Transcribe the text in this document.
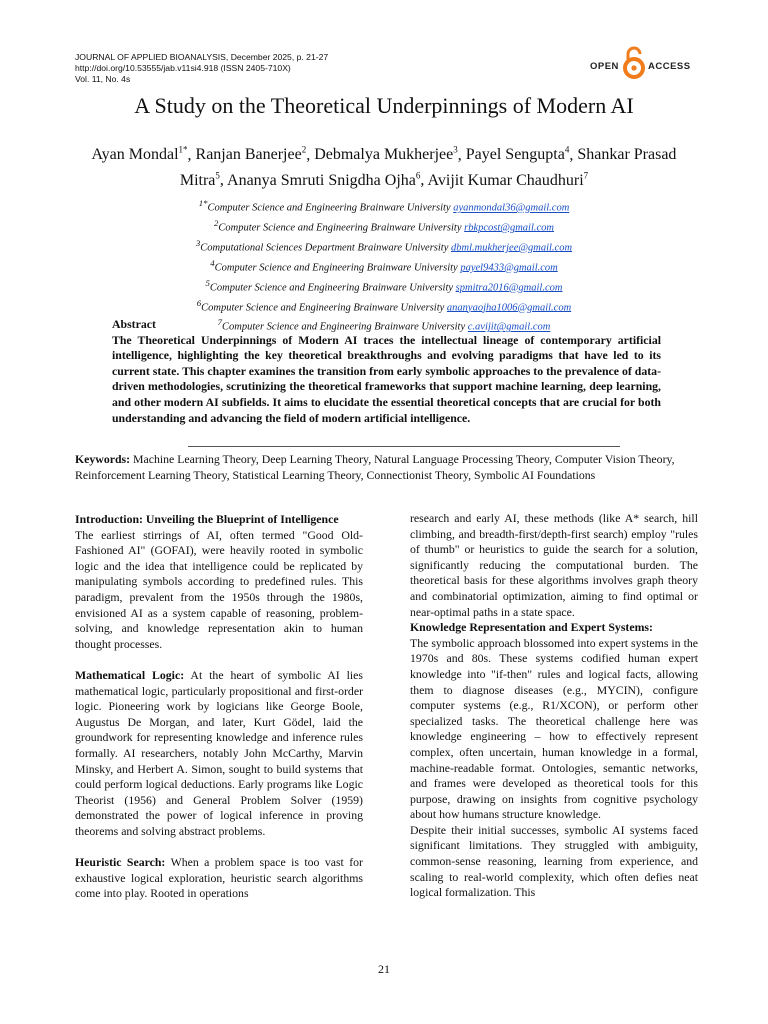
JOURNAL OF APPLIED BIOANALYSIS, December 2025, p. 21-27
http://doi.org/10.53555/jab.v11si4.918 (ISSN 2405-710X)
Vol. 11, No. 4s
OPEN	ACCESS
A Study on the Theoretical Underpinnings of Modern AI
Ayan Mondal$^{1*}$, Ranjan Banerjee$^2$, Debmalya Mukherjee$^3$, Payel Sengupta$^4$, Shankar Prasad Mitra$^5$, Ananya Smruti Snigdha Ojha$^6$, Avijit Kumar Chaudhuri$^7$
$^{1*}$Computer Science and Engineering Brainware University ayanmondal36@gmail.com
$^2$Computer Science and Engineering Brainware University rbkpcost@gmail.com
$^3$Computational Sciences Department Brainware University dbml.mukherjee@gmail.com
$^4$Computer Science and Engineering Brainware University payel9433@gmail.com
$^5$Computer Science and Engineering Brainware University spmitra2016@gmail.com
$^6$Computer Science and Engineering Brainware University ananyaojha1006@gmail.com
$^7$Computer Science and Engineering Brainware University c.avijit@gmail.com
Abstract
The Theoretical Underpinnings of Modern AI traces the intellectual lineage of contemporary artificial intelligence, highlighting the key theoretical breakthroughs and evolving paradigms that have led to its current state. This chapter examines the transition from early symbolic approaches to the prevalence of data-driven methodologies, scrutinizing the theoretical frameworks that support machine learning, deep learning, and other modern AI subfields. It aims to elucidate the essential theoretical concepts that are crucial for both understanding and advancing the field of modern artificial intelligence.
Keywords: Machine Learning Theory, Deep Learning Theory, Natural Language Processing Theory, Computer Vision Theory, Reinforcement Learning Theory, Statistical Learning Theory, Connectionist Theory, Symbolic AI Foundations

Introduction: Unveiling the Blueprint of Intelligence

The earliest stirrings of AI, often termed "Good Old-Fashioned AI" (GOFAI), were heavily rooted in symbolic logic and the idea that intelligence could be replicated by manipulating symbols according to predefined rules. This paradigm, prevalent from the 1950s through the 1980s, envisioned AI as a system capable of reasoning, problem-solving, and knowledge representation akin to human thought processes.

Mathematical Logic: At the heart of symbolic AI lies mathematical logic, particularly propositional and first-order logic. Pioneering work by logicians like George Boole, Augustus De Morgan, and later, Kurt Gödel, laid the groundwork for representing knowledge and inference rules formally. AI researchers, notably John McCarthy, Marvin Minsky, and Herbert A. Simon, sought to build systems that could perform logical deductions. Early programs like Logic Theorist (1956) and General Problem Solver (1959) demonstrated the power of logical inference in proving theorems and solving abstract problems.

Heuristic Search: When a problem space is too vast for exhaustive logical exploration, heuristic search algorithms come into play. Rooted in operations

research and early AI, these methods (like A* search, hill climbing, and breadth-first/depth-first search) employ "rules of thumb" or heuristics to guide the search for a solution, significantly reducing the computational burden. The theoretical basis for these algorithms involves graph theory and combinatorial optimization, aiming to find optimal or near-optimal paths in a state space.

Knowledge Representation and Expert Systems:

The symbolic approach blossomed into expert systems in the 1970s and 80s. These systems codified human expert knowledge into "if-then" rules and logical facts, allowing them to diagnose diseases (e.g., MYCIN), configure computer systems (e.g., R1/XCON), or perform other specialized tasks. The theoretical challenge here was knowledge engineering – how to effectively represent complex, often uncertain, human knowledge in a formal, machine-readable format. Ontologies, semantic networks, and frames were developed as theoretical tools for this purpose, drawing on insights from cognitive psychology about how humans structure knowledge.

Despite their initial successes, symbolic AI systems faced significant limitations. They struggled with ambiguity, common-sense reasoning, learning from experience, and scaling to real-world complexity, which often defies neat logical formalization. This

21
